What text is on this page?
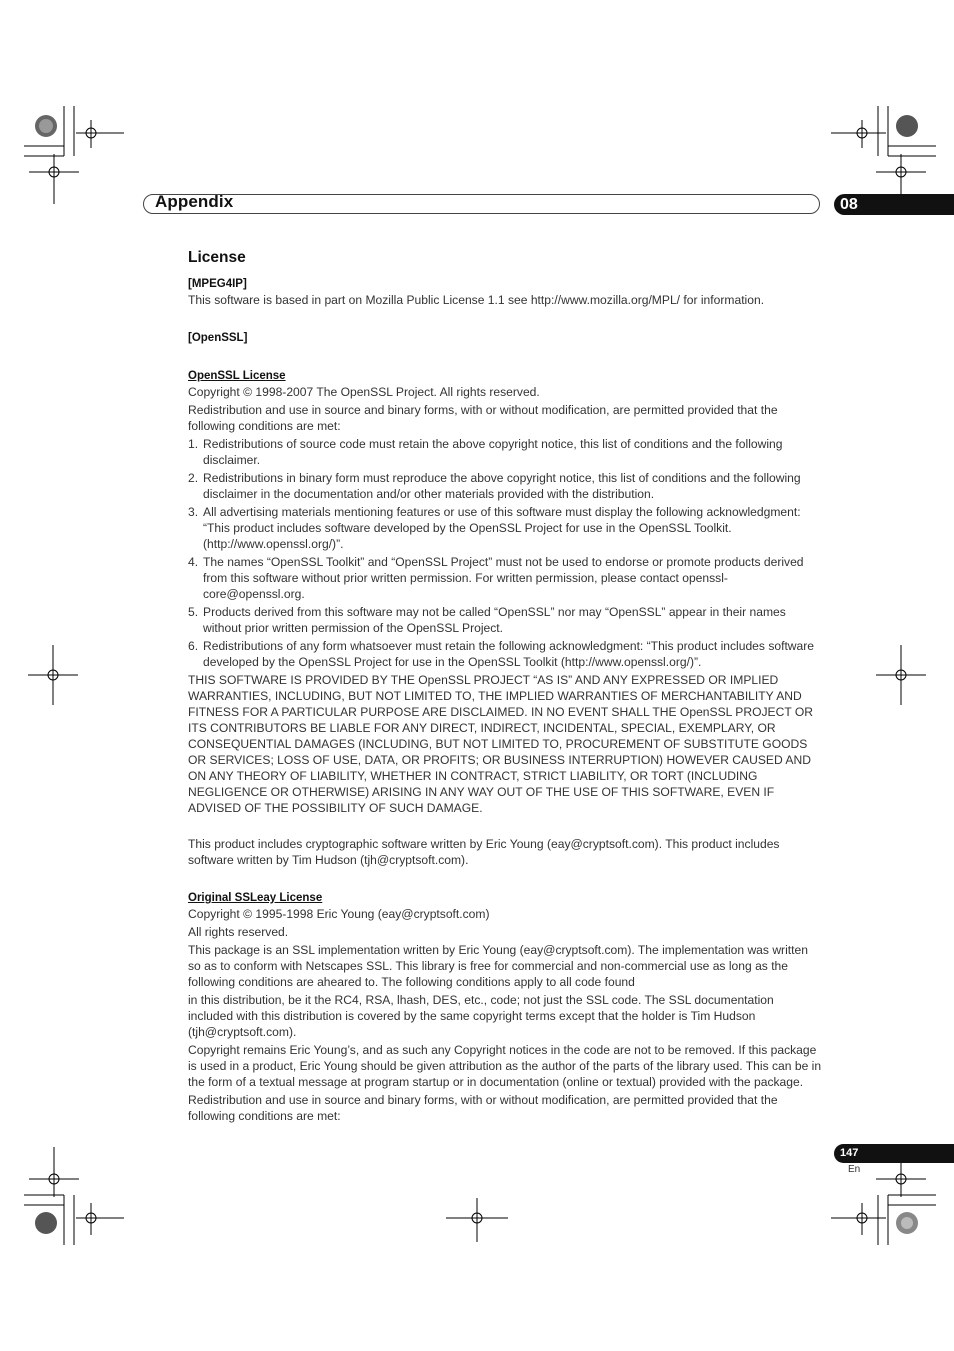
Appendix	08
License
[MPEG4IP]
This software is based in part on Mozilla Public License 1.1 see http://www.mozilla.org/MPL/ for information.
[OpenSSL]
OpenSSL License
Copyright © 1998-2007 The OpenSSL Project. All rights reserved.
Redistribution and use in source and binary forms, with or without modification, are permitted provided that the following conditions are met:
1. Redistributions of source code must retain the above copyright notice, this list of conditions and the following disclaimer.
2. Redistributions in binary form must reproduce the above copyright notice, this list of conditions and the following disclaimer in the documentation and/or other materials provided with the distribution.
3. All advertising materials mentioning features or use of this software must display the following acknowledgment: “This product includes software developed by the OpenSSL Project for use in the OpenSSL Toolkit. (http://www.openssl.org/)”.
4. The names “OpenSSL Toolkit” and “OpenSSL Project” must not be used to endorse or promote products derived from this software without prior written permission. For written permission, please contact openssl-core@openssl.org.
5. Products derived from this software may not be called “OpenSSL” nor may “OpenSSL” appear in their names without prior written permission of the OpenSSL Project.
6. Redistributions of any form whatsoever must retain the following acknowledgment: “This product includes software developed by the OpenSSL Project for use in the OpenSSL Toolkit (http://www.openssl.org/)”.
THIS SOFTWARE IS PROVIDED BY THE OpenSSL PROJECT “AS IS” AND ANY EXPRESSED OR IMPLIED WARRANTIES, INCLUDING, BUT NOT LIMITED TO, THE IMPLIED WARRANTIES OF MERCHANTABILITY AND FITNESS FOR A PARTICULAR PURPOSE ARE DISCLAIMED. IN NO EVENT SHALL THE OpenSSL PROJECT OR ITS CONTRIBUTORS BE LIABLE FOR ANY DIRECT, INDIRECT, INCIDENTAL, SPECIAL, EXEMPLARY, OR CONSEQUENTIAL DAMAGES (INCLUDING, BUT NOT LIMITED TO, PROCUREMENT OF SUBSTITUTE GOODS OR SERVICES; LOSS OF USE, DATA, OR PROFITS; OR BUSINESS INTERRUPTION) HOWEVER CAUSED AND ON ANY THEORY OF LIABILITY, WHETHER IN CONTRACT, STRICT LIABILITY, OR TORT (INCLUDING NEGLIGENCE OR OTHERWISE) ARISING IN ANY WAY OUT OF THE USE OF THIS SOFTWARE, EVEN IF ADVISED OF THE POSSIBILITY OF SUCH DAMAGE.
This product includes cryptographic software written by Eric Young (eay@cryptsoft.com). This product includes software written by Tim Hudson (tjh@cryptsoft.com).
Original SSLeay License
Copyright © 1995-1998 Eric Young (eay@cryptsoft.com)
All rights reserved.
This package is an SSL implementation written by Eric Young (eay@cryptsoft.com). The implementation was written so as to conform with Netscapes SSL. This library is free for commercial and non-commercial use as long as the following conditions are aheared to. The following conditions apply to all code found
in this distribution, be it the RC4, RSA, lhash, DES, etc., code; not just the SSL code. The SSL documentation included with this distribution is covered by the same copyright terms except that the holder is Tim Hudson (tjh@cryptsoft.com).
Copyright remains Eric Young’s, and as such any Copyright notices in the code are not to be removed. If this package is used in a product, Eric Young should be given attribution as the author of the parts of the library used. This can be in the form of a textual message at program startup or in documentation (online or textual) provided with the package.
Redistribution and use in source and binary forms, with or without modification, are permitted provided that the following conditions are met:
147
En
